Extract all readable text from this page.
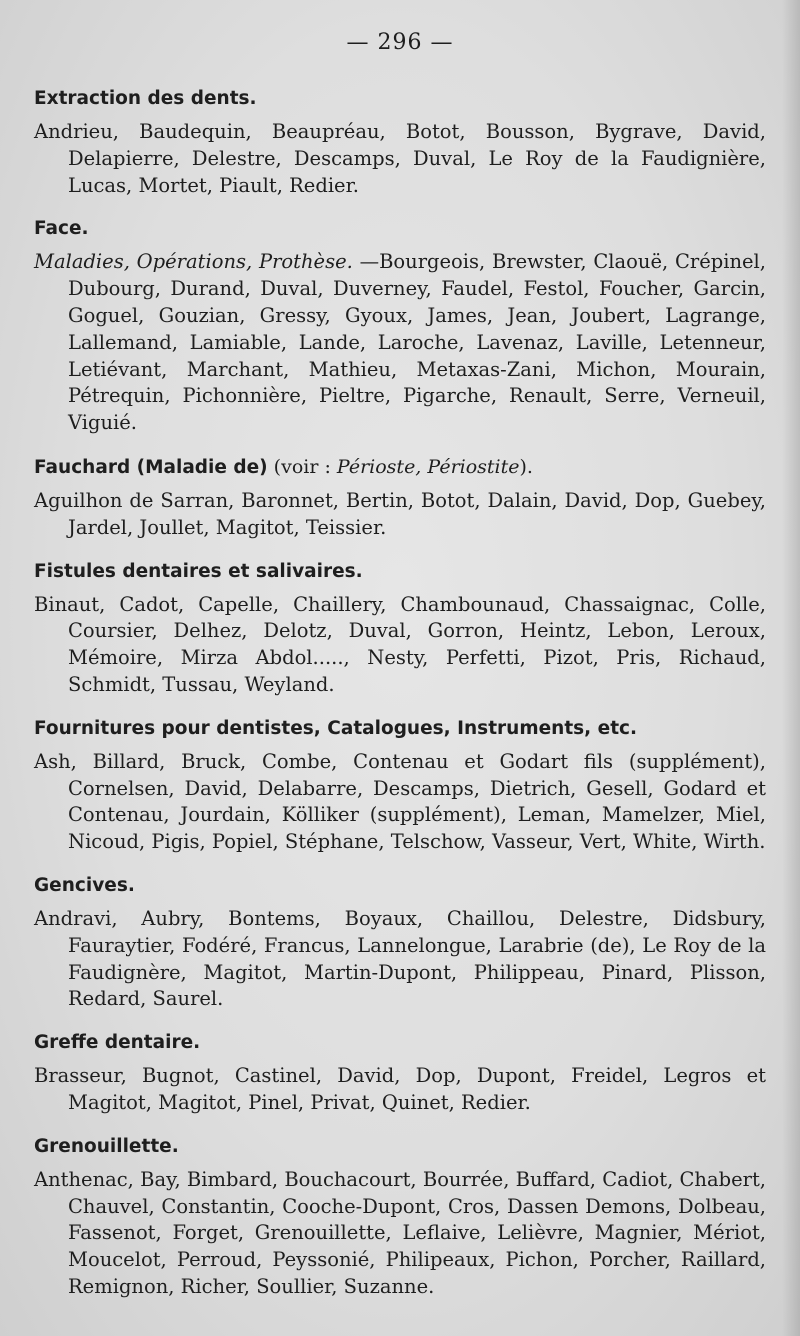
— 296 —
Extraction des dents.

Andrieu, Baudequin, Beaupréau, Botot, Bousson, Bygrave, David, Delapierre, Delestre, Descamps, Duval, Le Roy de la Faudignière, Lucas, Mortet, Piault, Redier.

Face.

Maladies, Opérations, Prothèse. —Bourgeois, Brewster, Claouë, Crépinel, Dubourg, Durand, Duval, Duverney, Faudel, Festol, Foucher, Garcin, Goguel, Gouzian, Gressy, Gyoux, James, Jean, Joubert, Lagrange, Lallemand, Lamiable, Lande, Laroche, Lavenaz, Laville, Letenneur, Letiévant, Marchant, Mathieu, Metaxas-Zani, Michon, Mourain, Pétrequin, Pichonnière, Pieltre, Pigarche, Renault, Serre, Verneuil, Viguié.

Fauchard (Maladie de) (voir : Périoste, Périostite).

Aguilhon de Sarran, Baronnet, Bertin, Botot, Dalain, David, Dop, Guebey, Jardel, Joullet, Magitot, Teissier.

Fistules dentaires et salivaires.

Binaut, Cadot, Capelle, Chaillery, Chambounaud, Chassaignac, Colle, Coursier, Delhez, Delotz, Duval, Gorron, Heintz, Lebon, Leroux, Mémoire, Mirza Abdol....., Nesty, Perfetti, Pizot, Pris, Richaud, Schmidt, Tussau, Weyland.

Fournitures pour dentistes, Catalogues, Instruments, etc.

Ash, Billard, Bruck, Combe, Contenau et Godart fils (supplément), Cornelsen, David, Delabarre, Descamps, Dietrich, Gesell, Godard et Contenau, Jourdain, Kölliker (supplément), Leman, Mamelzer, Miel, Nicoud, Pigis, Popiel, Stéphane, Telschow, Vasseur, Vert, White, Wirth.

Gencives.

Andravi, Aubry, Bontems, Boyaux, Chaillou, Delestre, Didsbury, Fauraytier, Fodéré, Francus, Lannelongue, Larabrie (de), Le Roy de la Faudignère, Magitot, Martin-Dupont, Philippeau, Pinard, Plisson, Redard, Saurel.

Greffe dentaire.

Brasseur, Bugnot, Castinel, David, Dop, Dupont, Freidel, Legros et Magitot, Magitot, Pinel, Privat, Quinet, Redier.

Grenouillette.

Anthenac, Bay, Bimbard, Bouchacourt, Bourrée, Buffard, Cadiot, Chabert, Chauvel, Constantin, Cooche-Dupont, Cros, Dassen Demons, Dolbeau, Fassenot, Forget, Grenouillette, Leflaive, Lelièvre, Magnier, Mériot, Moucelot, Perroud, Peyssonié, Philipeaux, Pichon, Porcher, Raillard, Remignon, Richer, Soullier, Suzanne.
